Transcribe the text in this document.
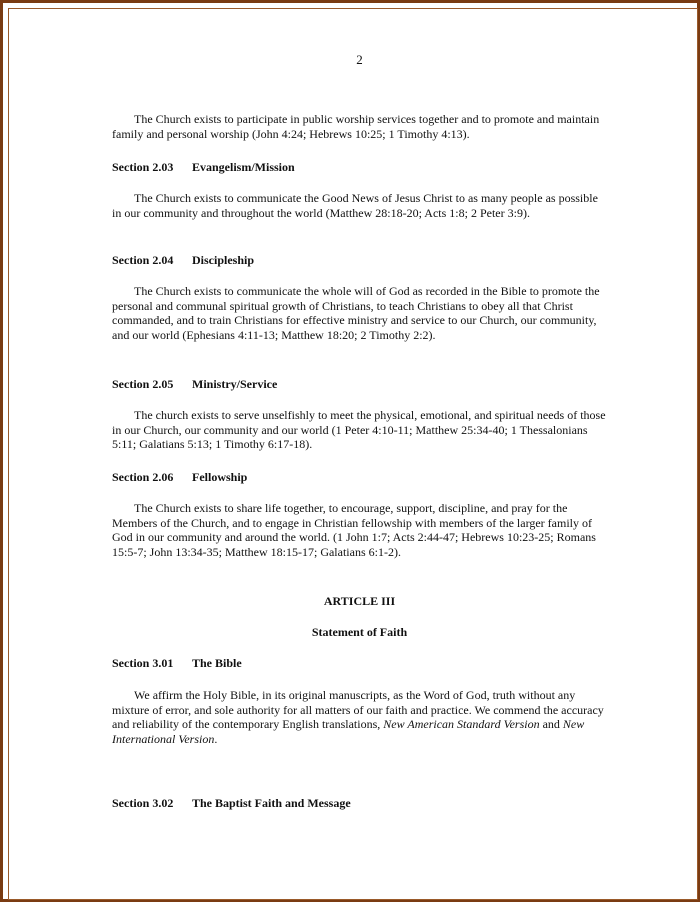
2

The Church exists to participate in public worship services together and to promote and maintain family and personal worship (John 4:24; Hebrews 10:25; 1 Timothy 4:13).

Section 2.03 Evangelism/Mission

The Church exists to communicate the Good News of Jesus Christ to as many people as possible in our community and throughout the world (Matthew 28:18-20; Acts 1:8; 2 Peter 3:9).

Section 2.04 Discipleship

The Church exists to communicate the whole will of God as recorded in the Bible to promote the personal and communal spiritual growth of Christians, to teach Christians to obey all that Christ commanded, and to train Christians for effective ministry and service to our Church, our community, and our world (Ephesians 4:11-13; Matthew 18:20; 2 Timothy 2:2).

Section 2.05 Ministry/Service

The church exists to serve unselfishly to meet the physical, emotional, and spiritual needs of those in our Church, our community and our world (1 Peter 4:10-11; Matthew 25:34-40; 1 Thessalonians 5:11; Galatians 5:13; 1 Timothy 6:17-18).

Section 2.06 Fellowship

The Church exists to share life together, to encourage, support, discipline, and pray for the Members of the Church, and to engage in Christian fellowship with members of the larger family of God in our community and around the world. (1 John 1:7; Acts 2:44-47; Hebrews 10:23-25; Romans 15:5-7; John 13:34-35; Matthew 18:15-17; Galatians 6:1-2).

ARTICLE III

Statement of Faith

Section 3.01 The Bible

We affirm the Holy Bible, in its original manuscripts, as the Word of God, truth without any mixture of error, and sole authority for all matters of our faith and practice. We commend the accuracy and reliability of the contemporary English translations, New American Standard Version and New International Version.

Section 3.02 The Baptist Faith and Message
